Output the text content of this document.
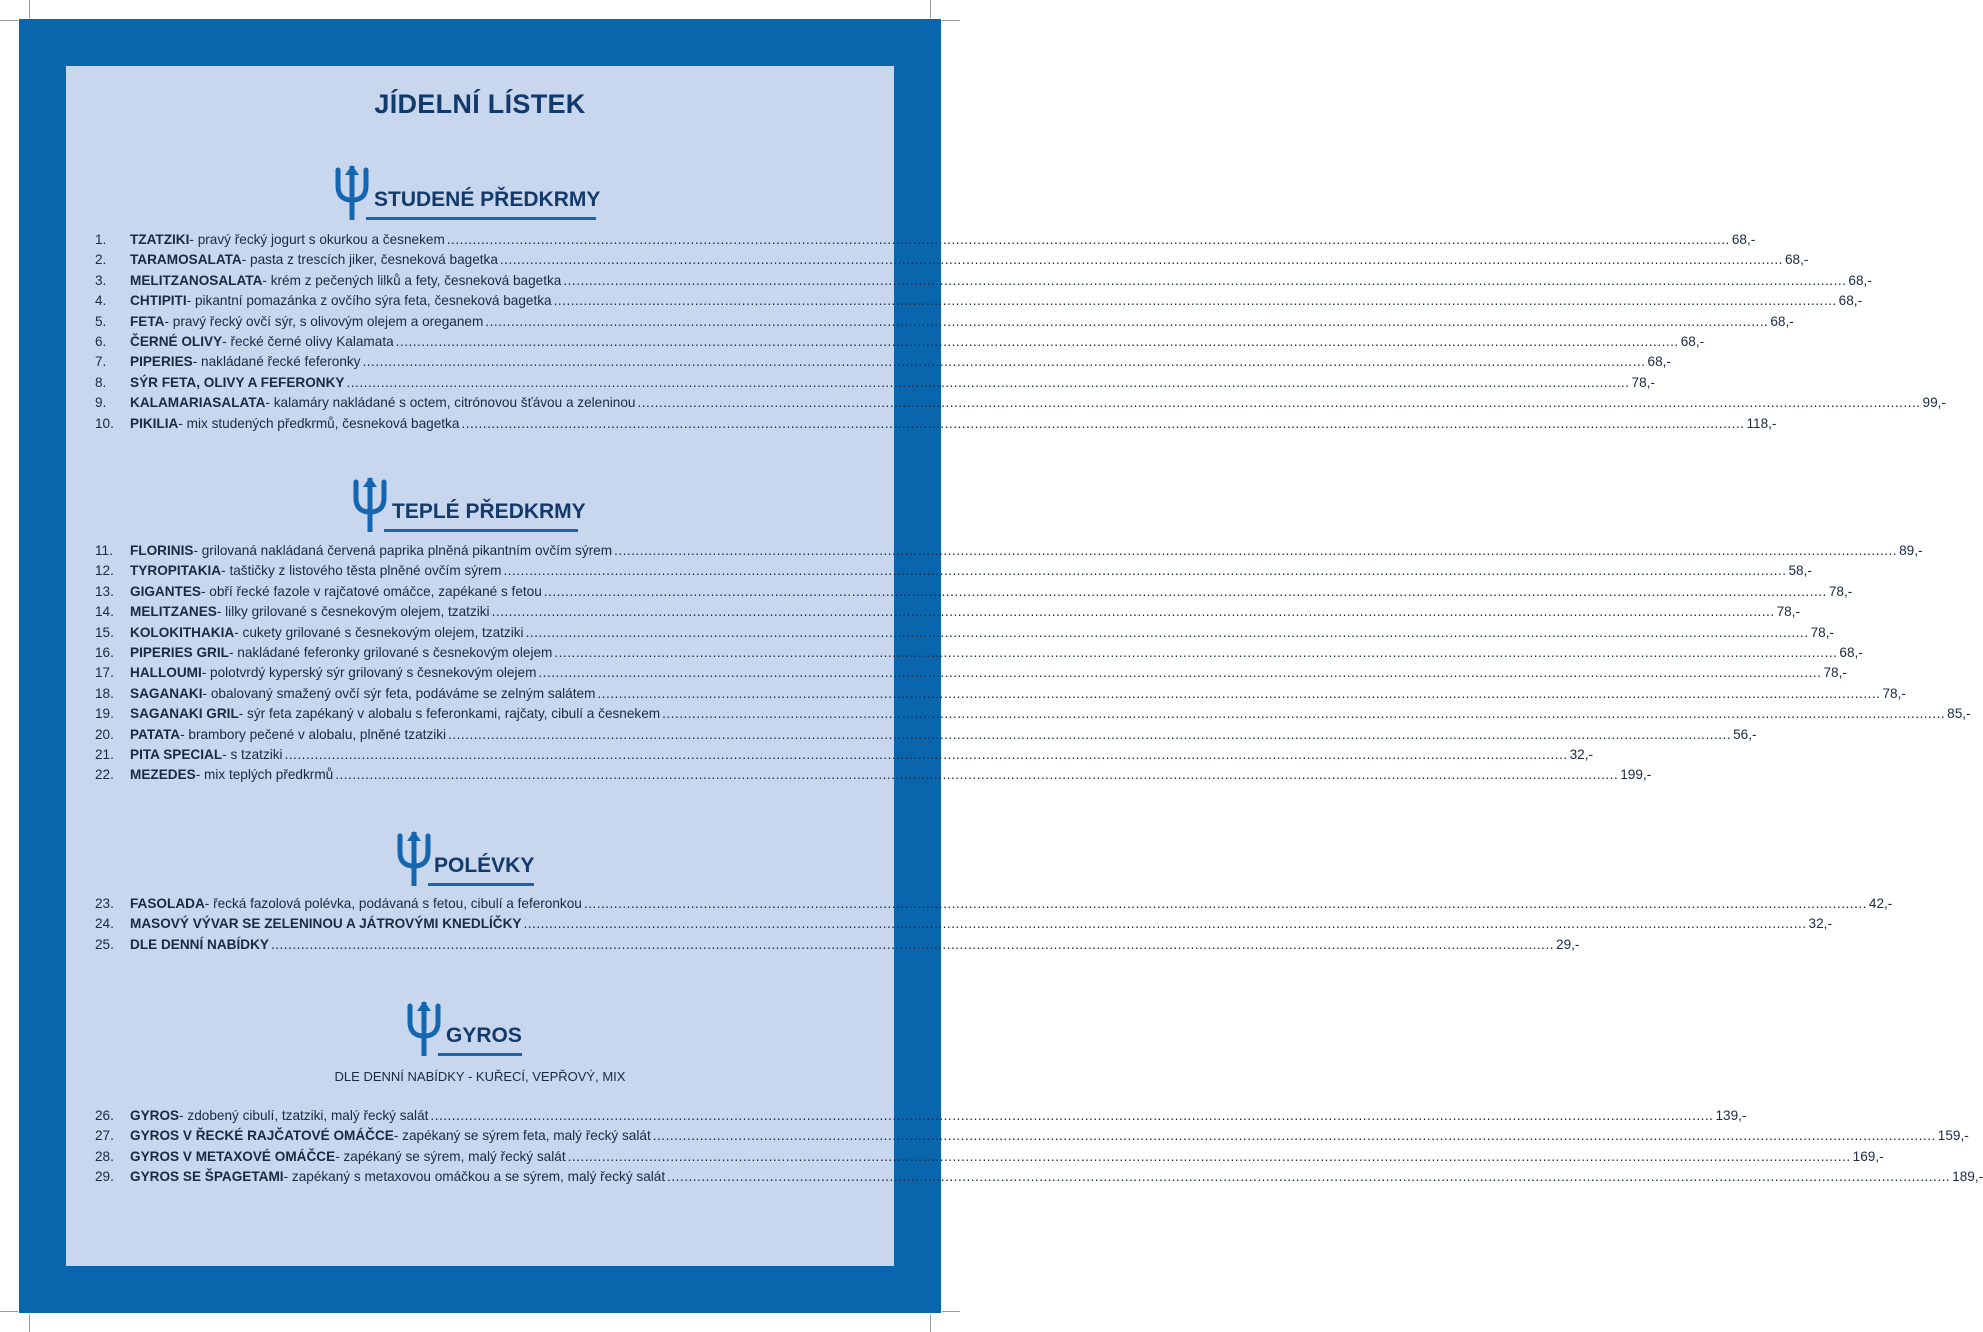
JÍDELNÍ LÍSTEK
STUDENÉ PŘEDKRMY
TEPLÉ PŘEDKRMY
POLÉVKY
GYROS
DLE DENNÍ NABÍDKY - KUŘECÍ, VEPŘOVÝ, MIX
1.	TZATZIKI - pravý řecký jogurt s okurkou a česnekem ............................................................................................................................................................................................................................................................................................................ 68,-
2.	TARAMOSALATA - pasta z trescích jiker, česneková bagetka ............................................................................................................................................................................................................................................................................................................ 68,-
3.	MELITZANOSALATA - krém z pečených lilků a fety, česneková bagetka ............................................................................................................................................................................................................................................................................................................ 68,-
4.	CHTIPITI - pikantní pomazánka z ovčího sýra feta, česneková bagetka ............................................................................................................................................................................................................................................................................................................ 68,-
5.	FETA - pravý řecký ovčí sýr, s olivovým olejem a oreganem ............................................................................................................................................................................................................................................................................................................ 68,-
6.	ČERNÉ OLIVY - řecké černé olivy Kalamata ............................................................................................................................................................................................................................................................................................................ 68,-
7.	PIPERIES - nakládané řecké feferonky ............................................................................................................................................................................................................................................................................................................ 68,-
8.	SÝR FETA, OLIVY A FEFERONKY ............................................................................................................................................................................................................................................................................................................ 78,-
9.	KALAMARIASALATA - kalamáry nakládané s octem, citrónovou šťávou a zeleninou ............................................................................................................................................................................................................................................................................................................ 99,-
10.	PIKILIA - mix studených předkrmů, česneková bagetka ............................................................................................................................................................................................................................................................................................................ 118,-
11.	FLORINIS - grilovaná nakládaná červená paprika plněná pikantním ovčím sýrem ............................................................................................................................................................................................................................................................................................................ 89,-
12.	TYROPITAKIA - taštičky z listového těsta plněné ovčím sýrem ............................................................................................................................................................................................................................................................................................................ 58,-
13.	GIGANTES - obří řecké fazole v rajčatové omáčce, zapékané s fetou ............................................................................................................................................................................................................................................................................................................ 78,-
14.	MELITZANES - lilky grilované s česnekovým olejem, tzatziki ............................................................................................................................................................................................................................................................................................................ 78,-
15.	KOLOKITHAKIA - cukety grilované s česnekovým olejem, tzatziki ............................................................................................................................................................................................................................................................................................................ 78,-
16.	PIPERIES GRIL - nakládané feferonky grilované s česnekovým olejem ............................................................................................................................................................................................................................................................................................................ 68,-
17.	HALLOUMI - polotvrdý kyperský sýr grilovaný s česnekovým olejem ............................................................................................................................................................................................................................................................................................................ 78,-
18.	SAGANAKI - obalovaný smažený ovčí sýr feta, podáváme se zelným salátem ............................................................................................................................................................................................................................................................................................................ 78,-
19.	SAGANAKI GRIL - sýr feta zapékaný v alobalu s feferonkami, rajčaty, cibulí a česnekem ............................................................................................................................................................................................................................................................................................................ 85,-
20.	PATATA - brambory pečené v alobalu, plněné tzatziki ............................................................................................................................................................................................................................................................................................................ 56,-
21.	PITA SPECIAL - s tzatziki ............................................................................................................................................................................................................................................................................................................ 32,-
22.	MEZEDES - mix teplých předkrmů ............................................................................................................................................................................................................................................................................................................ 199,-
23.	FASOLADA - řecká fazolová polévka, podávaná s fetou, cibulí a feferonkou ............................................................................................................................................................................................................................................................................................................ 42,-
24.	MASOVÝ VÝVAR SE ZELENINOU A JÁTROVÝMI KNEDLÍČKY ............................................................................................................................................................................................................................................................................................................ 32,-
25.	DLE DENNÍ NABÍDKY ............................................................................................................................................................................................................................................................................................................ 29,-
26.	GYROS - zdobený cibulí, tzatziki, malý řecký salát ............................................................................................................................................................................................................................................................................................................ 139,-
27.	GYROS V ŘECKÉ RAJČATOVÉ OMÁČCE - zapékaný se sýrem feta, malý řecký salát ............................................................................................................................................................................................................................................................................................................ 159,-
28.	GYROS V METAXOVÉ OMÁČCE - zapékaný se sýrem, malý řecký salát ............................................................................................................................................................................................................................................................................................................ 169,-
29.	GYROS SE ŠPAGETAMI - zapékaný s metaxovou omáčkou a se sýrem, malý řecký salát ............................................................................................................................................................................................................................................................................................................ 189,-
